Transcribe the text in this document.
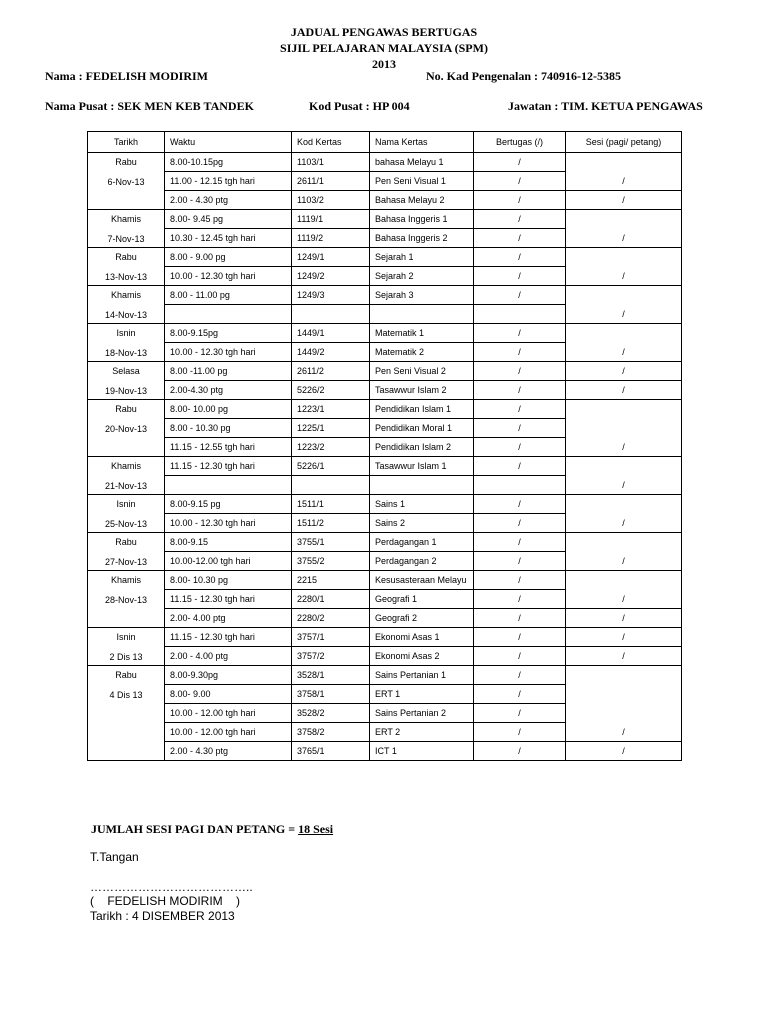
JADUAL PENGAWAS BERTUGAS
SIJIL PELAJARAN MALAYSIA (SPM)
2013
Nama : FEDELISH MODIRIM	No. Kad Pengenalan : 740916-12-5385
Nama Pusat : SEK MEN KEB TANDEK	Kod Pusat : HP 004	Jawatan : TIM. KETUA PENGAWAS
Tarikh	Waktu	Kod Kertas	Nama Kertas	Bertugas (/)	Sesi (pagi/ petang)

Rabu
6-Nov-13	8.00-10.15pg	1103/1	bahasa Melayu 1	/	/
	11.00 - 12.15 tgh hari	2611/1	Pen Seni Visual 1	/	
	2.00 - 4.30 ptg	1103/2	Bahasa Melayu 2	/	/

Khamis
7-Nov-13	8.00- 9.45 pg	1119/1	Bahasa Inggeris 1	/	/
	10.30 - 12.45 tgh hari	1119/2	Bahasa Inggeris 2	/	

Rabu
13-Nov-13	8.00 - 9.00 pg	1249/1	Sejarah 1	/	/
	10.00 - 12.30 tgh hari	1249/2	Sejarah 2	/	

Khamis
14-Nov-13	8.00 - 11.00 pg	1249/3	Sejarah 3	/	/

Isnin
18-Nov-13	8.00-9.15pg	1449/1	Matematik 1	/	/
	10.00 - 12.30 tgh hari	1449/2	Matematik 2	/	

Selasa
19-Nov-13	8.00 -11.00 pg	2611/2	Pen Seni Visual 2	/	/
	2.00-4.30 ptg	5226/2	Tasawwur Islam 2	/	/

Rabu
20-Nov-13	8.00- 10.00 pg	1223/1	Pendidikan Islam 1	/	/
	8.00 - 10.30 pg	1225/1	Pendidikan Moral 1	/	
	11.15 - 12.55 tgh hari	1223/2	Pendidikan Islam 2	/	

Khamis
21-Nov-13	11.15 - 12.30 tgh hari	5226/1	Tasawwur Islam 1	/	/

Isnin
25-Nov-13	8.00-9.15 pg	1511/1	Sains 1	/	/
	10.00 - 12.30 tgh hari	1511/2	Sains 2	/	

Rabu
27-Nov-13	8.00-9.15	3755/1	Perdagangan 1	/	/
	10.00-12.00 tgh hari	3755/2	Perdagangan 2	/	

Khamis
28-Nov-13	8.00- 10.30 pg	2215	Kesusasteraan Melayu	/	/
	11.15 - 12.30 tgh hari	2280/1	Geografi 1	/	
	2.00- 4.00 ptg	2280/2	Geografi 2	/	/

Isnin
2 Dis 13	11.15 - 12.30 tgh hari	3757/1	Ekonomi Asas 1	/	/
	2.00 - 4.00 ptg	3757/2	Ekonomi Asas 2	/	/

Rabu
4 Dis 13	8.00-9.30pg	3528/1	Sains Pertanian 1	/	/
	8.00- 9.00	3758/1	ERT 1	/	
	10.00 - 12.00 tgh hari	3528/2	Sains Pertanian 2	/	
	10.00 - 12.00 tgh hari	3758/2	ERT 2	/	
	2.00 - 4.30 ptg	3765/1	ICT 1	/	/
JUMLAH SESI PAGI DAN PETANG = 18 Sesi
T.Tangan
…………………………………..
(    FEDELISH MODIRIM    )
Tarikh : 4 DISEMBER 2013
